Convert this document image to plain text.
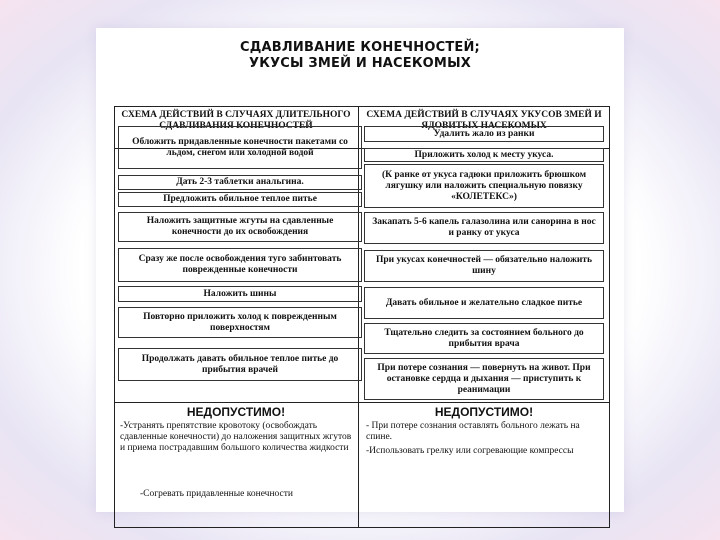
СДАВЛИВАНИЕ КОНЕЧНОСТЕЙ;
УКУСЫ ЗМЕЙ И НАСЕКОМЫХ
СХЕМА ДЕЙСТВИЙ В СЛУЧАЯХ ДЛИТЕЛЬНОГО СДАВЛИВАНИЯ КОНЕЧНОСТЕЙ
СХЕМА ДЕЙСТВИЙ В СЛУЧАЯХ УКУСОВ ЗМЕЙ И ЯДОВИТЫХ НАСЕКОМЫХ
Обложить придавленные конечности пакетами со льдом, снегом или холодной водой
Дать 2-3 таблетки анальгина.
Предложить обильное теплое питье
Наложить защитные жгуты на сдавленные конечности до их освобождения
Сразу же после освобождения туго забинтовать поврежденные конечности
Наложить шины
Повторно приложить холод к поврежденным поверхностям
Продолжать давать обильное теплое питье до прибытия врачей
Удалить жало из ранки
Приложить холод к месту укуса.
(К ранке от укуса гадюки приложить брюшком лягушку или наложить специальную повязку «КОЛЕТЕКС»)
Закапать 5-6 капель галазолина или санорина в нос и ранку от укуса
При укусах конечностей — обязательно наложить шину
Давать обильное и желательно сладкое питье
Тщательно следить за состоянием больного до прибытия врача
При потере сознания — повернуть на живот. При остановке сердца и дыхания — приступить к реанимации
НЕДОПУСТИМО!
-Устранять препятствие кровотоку (освобождать сдавленные конечности) до наложения защитных жгутов и приема пострадавшим большого количества жидкости
-Согревать придавленные конечности
НЕДОПУСТИМО!
- При потере сознания оставлять больного лежать на спине.
-Использовать грелку или согревающие компрессы
